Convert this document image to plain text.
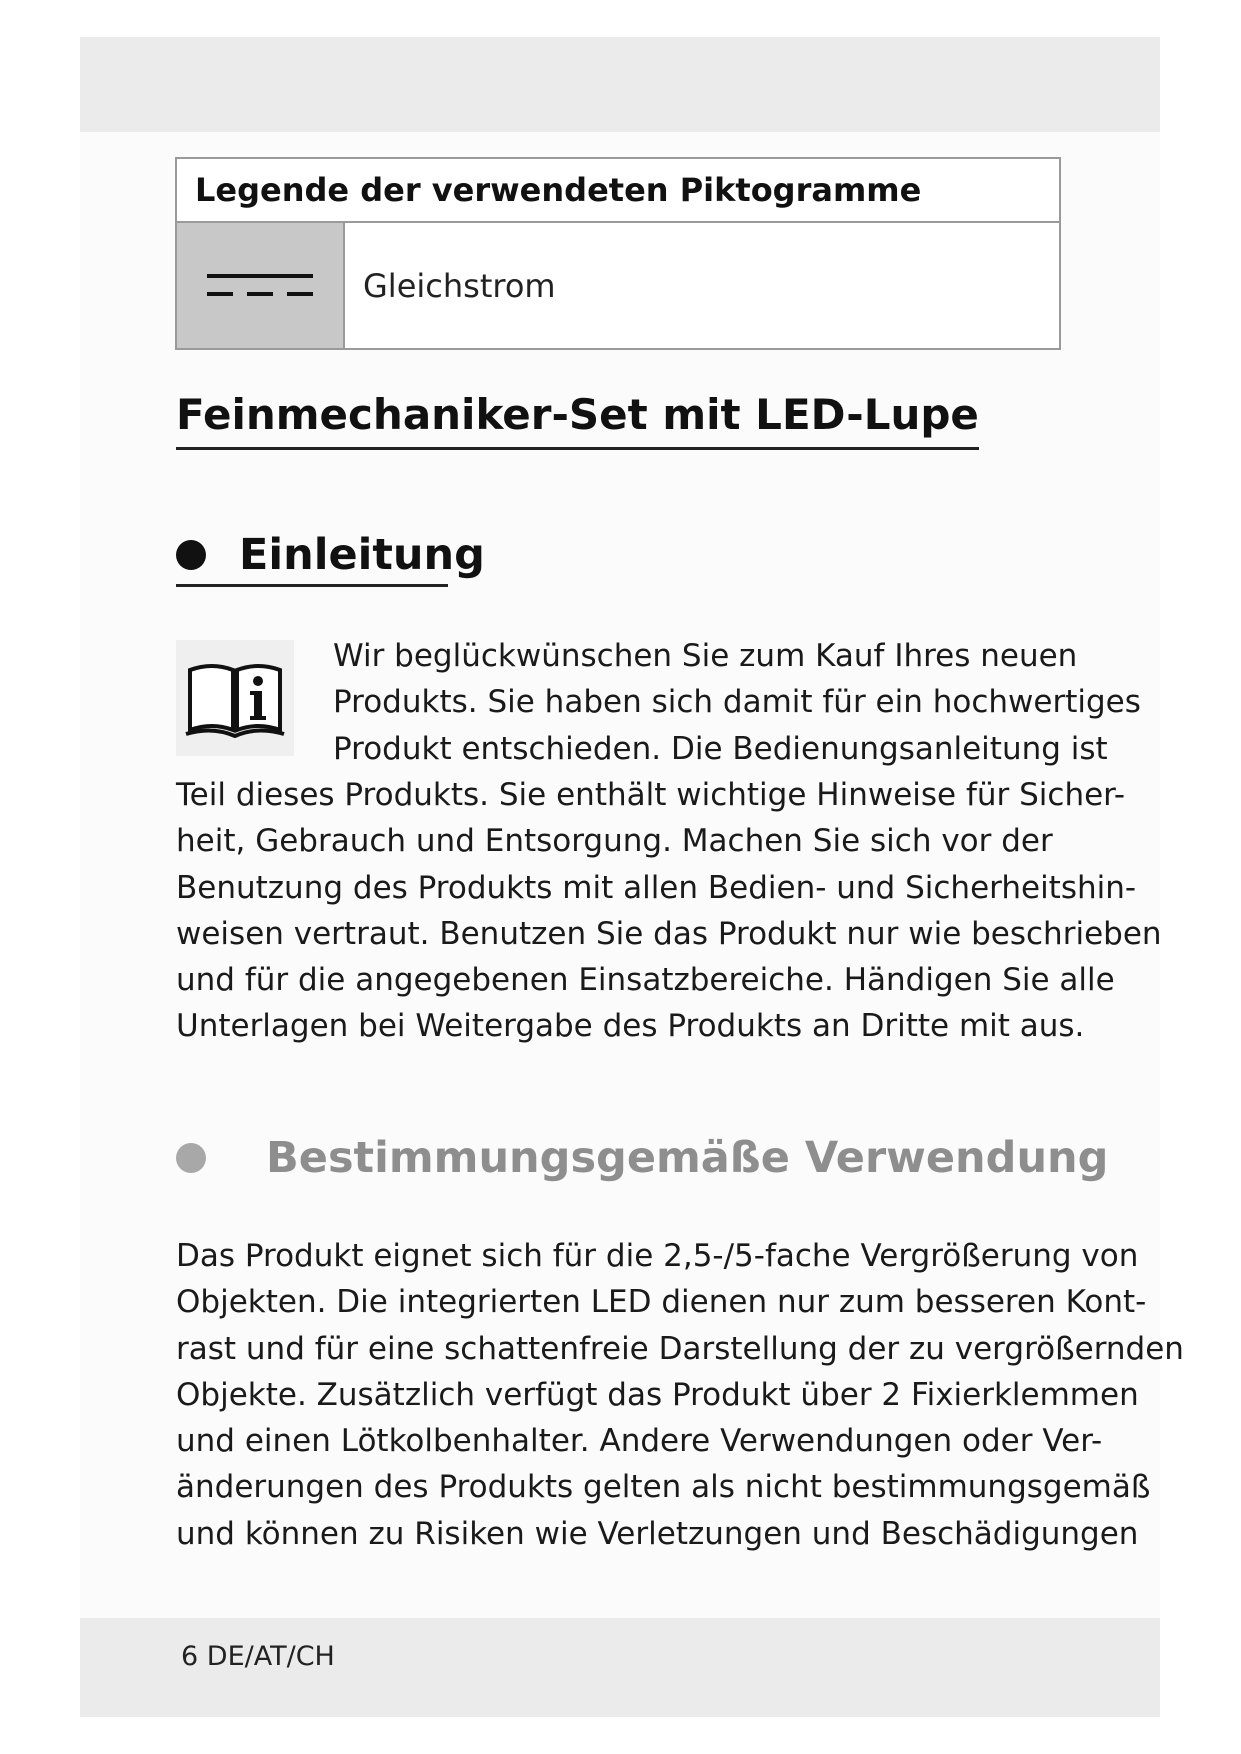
Legende der verwendeten Piktogramme
Gleichstrom
Feinmechaniker-Set mit LED-Lupe
Einleitung
Wir beglückwünschen Sie zum Kauf Ihres neuen
Produkts. Sie haben sich damit für ein hochwertiges
Produkt entschieden. Die Bedienungsanleitung ist
Teil dieses Produkts. Sie enthält wichtige Hinweise für Sicher-
heit, Gebrauch und Entsorgung. Machen Sie sich vor der
Benutzung des Produkts mit allen Bedien- und Sicherheitshin-
weisen vertraut. Benutzen Sie das Produkt nur wie beschrieben
und für die angegebenen Einsatzbereiche. Händigen Sie alle
Unterlagen bei Weitergabe des Produkts an Dritte mit aus.
Bestimmungsgemäße Verwendung
Das Produkt eignet sich für die 2,5-/5-fache Vergrößerung von
Objekten. Die integrierten LED dienen nur zum besseren Kont-
rast und für eine schattenfreie Darstellung der zu vergrößernden
Objekte. Zusätzlich verfügt das Produkt über 2 Fixierklemmen
und einen Lötkolbenhalter. Andere Verwendungen oder Ver-
änderungen des Produkts gelten als nicht bestimmungsgemäß
und können zu Risiken wie Verletzungen und Beschädigungen
6 DE/AT/CH
